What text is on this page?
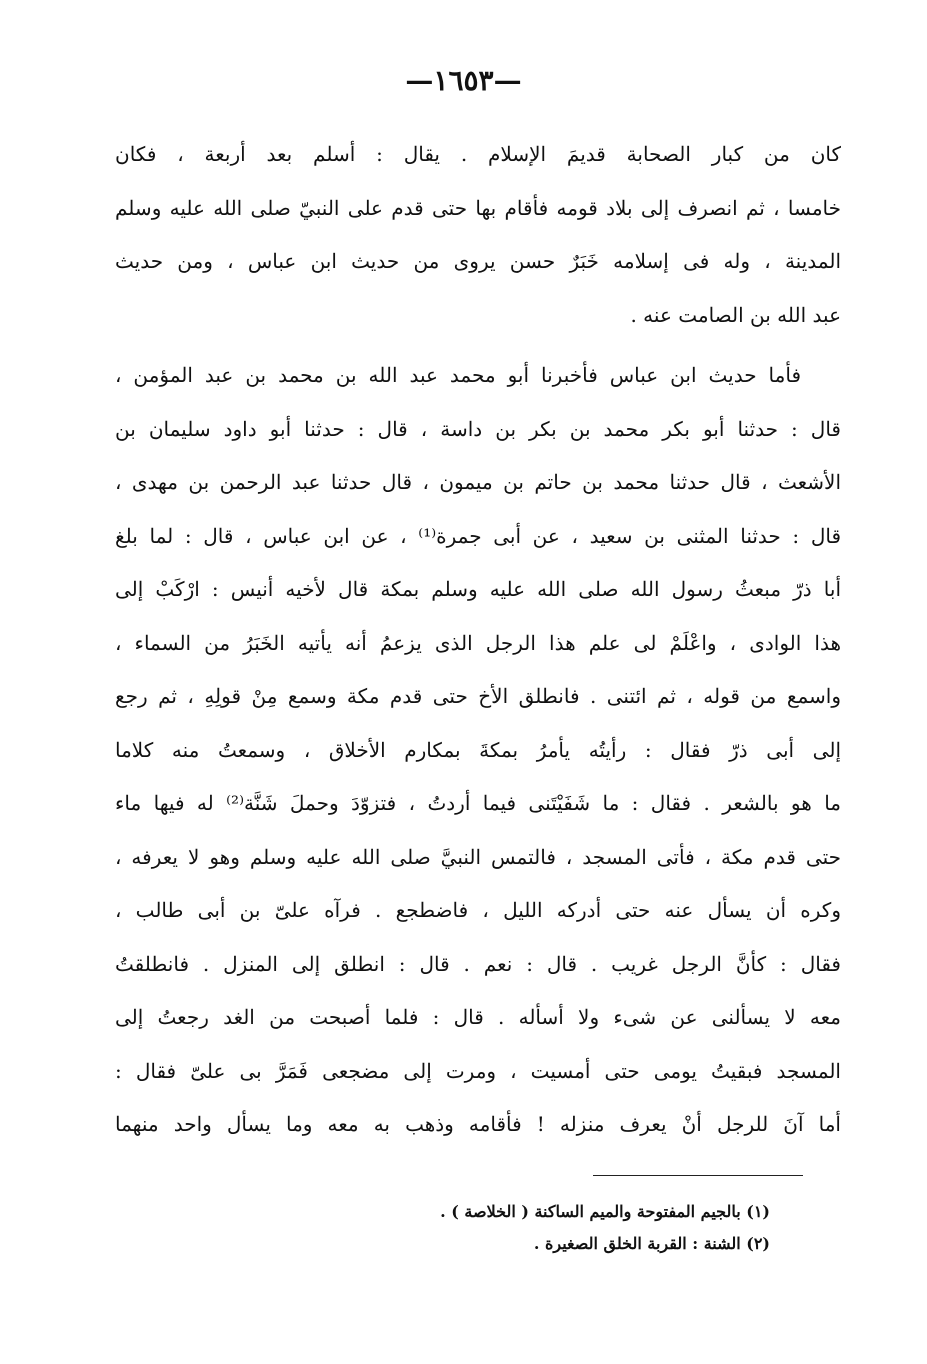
—١٦٥٣—
كان من كبار الصحابة قديمَ الإسلام . يقال : أسلم بعد أربعة ، فكان
خامسا ، ثم انصرف إلى بلاد قومه فأقام بها حتى قدم على النبيّ صلى الله عليه وسلم
المدينة ، وله فى إسلامه خَبَرٌ حسن يروى من حديث ابن عباس ، ومن حديث
عبد الله بن الصامت عنه .
فأما حديث ابن عباس فأخبرنا أبو محمد عبد الله بن محمد بن عبد المؤمن ،
قال : حدثنا أبو بكر محمد بن بكر بن داسة ، قال : حدثنا أبو داود سليمان بن
الأشعث ، قال حدثنا محمد بن حاتم بن ميمون ، قال حدثنا عبد الرحمن بن مهدى ،
قال : حدثنا المثنى بن سعيد ، عن أبى جمرة⁽¹⁾ ، عن ابن عباس ، قال : لما بلغ
أبا ذرّ مبعثُ رسول الله صلى الله عليه وسلم بمكة قال لأخيه أنيس : ارْكَبْ إلى
هذا الوادى ، واعْلَمْ لى علم هذا الرجل الذى يزعمُ أنه يأتيه الخَبَرُ من السماء ،
واسمع من قوله ، ثم ائتنى . فانطلق الأخ حتى قدم مكة وسمع مِنْ قولِهِ ، ثم رجع
إلى أبى ذرّ فقال : رأيتُه يأمرُ بمكةَ بمكارم الأخلاق ، وسمعتُ منه كلاما
ما هو بالشعر . فقال : ما شَفَيْتَنى فيما أردتُ ، فتزوّدَ وحملَ شَنَّة⁽²⁾ له فيها ماء
حتى قدم مكة ، فأتى المسجد ، فالتمس النبيَّ صلى الله عليه وسلم وهو لا يعرفه ،
وكره أن يسأل عنه حتى أدركه الليل ، فاضطجع . فرآه علىّ بن أبى طالب ،
فقال : كأنَّ الرجل غريب . قال : نعم . قال : انطلق إلى المنزل . فانطلقتُ
معه لا يسألنى عن شىء ولا أسأله . قال : فلما أصبحت من الغد رجعتُ إلى
المسجد فبقيتُ يومى حتى أمسيت ، ومرت إلى مضجعى فَمَرَّ بى علىّ فقال :
أما آنَ للرجل أنْ يعرف منزله ! فأقامه وذهب به معه وما يسأل واحد منهما
(١) بالجيم المفتوحة والميم الساكنة ( الخلاصة ) .
(٢) الشنة : القربة الخلق الصغيرة .
